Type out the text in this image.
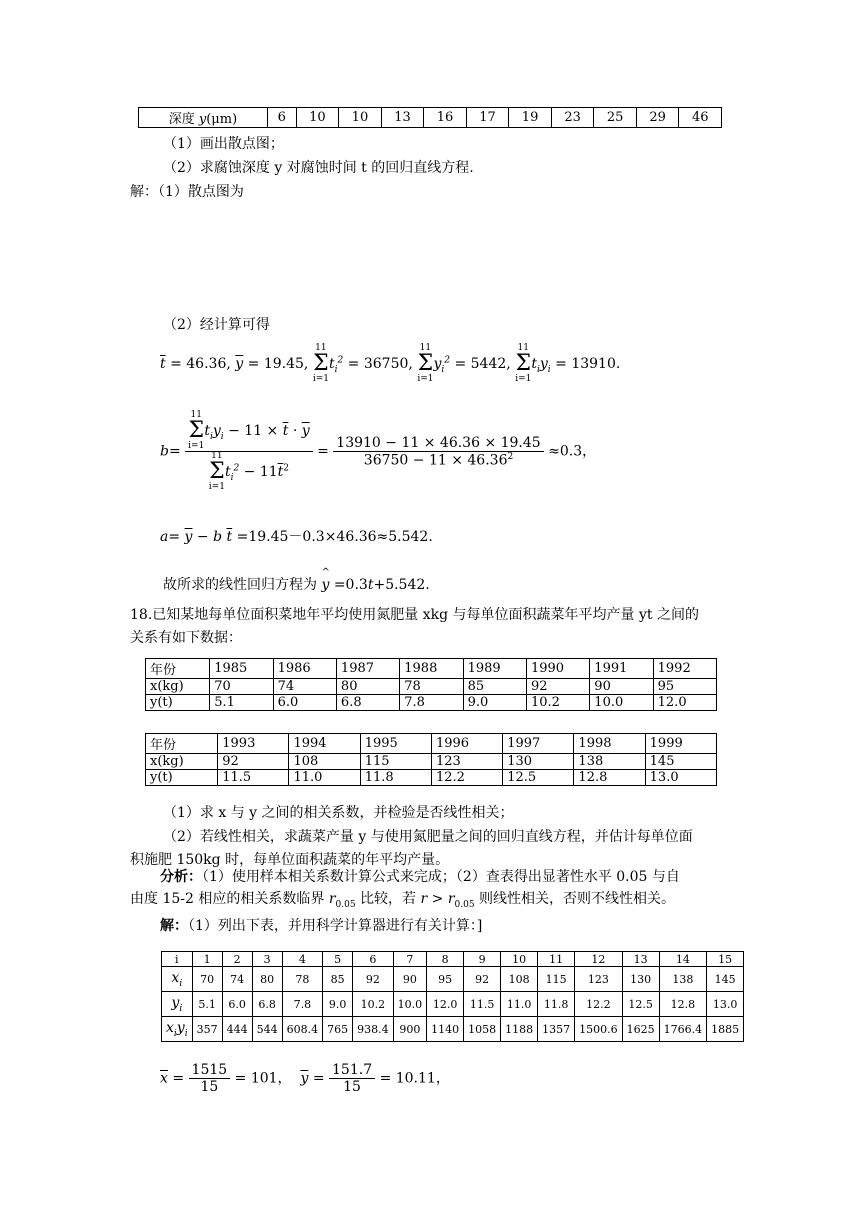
深度 y(μm)	6	10	10	13	16	17	19	23	25	29	46
（1）画出散点图；
（2）求腐蚀深度 y 对腐蚀时间 t 的回归直线方程.
解：（1）散点图为
（2）经计算可得
$\overline{t} = 46.36$, $\overline{y} = 19.45$,
11
Σ
i=1
$t_i^2 = 36750$,
11
Σ
i=1
$y_i^2 = 5442$,
11
Σ
i=1
$t_iy_i = 13910$.
b= 11
Σ
i=1
$t_iy_i - 11 \times \overline{t} \cdot \overline{y}$
11
Σ
i=1
$t_i^2 - 11\overline{t}^2 = \frac{13910 - 11 \times 46.36 \times 19.45}{36750 - 11 \times 46.36^2} \approx 0.3$，
$a= \overline{y} - b$ $\overline{t} =19.45-0.3\times 46.36\approx 5.542$.
故所求的线性回归方程为 y
^
=0.3t+5.542.
18.已知某地每单位面积菜地年平均使用氮肥量 xkg 与每单位面积蔬菜年平均产量 yt 之间的
关系有如下数据：
年份	1985	1986	1987	1988	1989	1990	1991	1992
x(kg)	70	74	80	78	85	92	90	95
y(t)	5.1	6.0	6.8	7.8	9.0	10.2	10.0	12.0
年份	1993	1994	1995	1996	1997	1998	1999
x(kg)	92	108	115	123	130	138	145
y(t)	11.5	11.0	11.8	12.2	12.5	12.8	13.0
（1）求 x 与 y 之间的相关系数，并检验是否线性相关；
（2）若线性相关，求蔬菜产量 y 与使用氮肥量之间的回归直线方程，并估计每单位面
积施肥 150kg 时，每单位面积蔬菜的年平均产量。
分析：（1）使用样本相关系数计算公式来完成；（2）查表得出显著性水平 0.05 与自
由度 15-2 相应的相关系数临界 $r_{0.05}$ 比较，若 $r > r_{0.05}$ 则线性相关，否则不线性相关。
解：（1）列出下表，并用科学计算器进行有关计算：]
i	1	2	3	4	5	6	7	8	9	10	11	12	13	14	15
$x_i$	70	74	80	78	85	92	90	95	92	108	115	123	130	138	145
$y_i$	5.1	6.0	6.8	7.8	9.0	10.2	10.0	12.0	11.5	11.0	11.8	12.2	12.5	12.8	13.0
$x_iy_i$	357	444	544	608.4	765	938.4	900	1140	1058	1188	1357	1500.6	1625	1766.4	1885
$\overline{x} = \frac{1515}{15} = 101$， $\overline{y} = \frac{151.7}{15} = 10.11$，
